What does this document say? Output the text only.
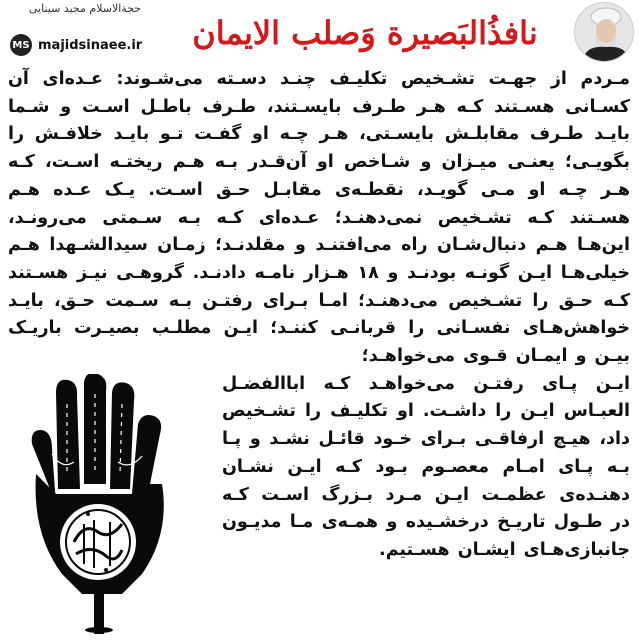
حجةالاسلام مجید سینایی
MS majidsinaee.ir	نافذُالبَصیرة وَصلب الایمان

مـردم از جهـت تشـخیص تکلیـف چنـد دسـته می‌شـوند: عـده‌ای آن کسـانی هسـتند کـه هـر طـرف بایسـتند، طـرف باطـل اسـت و شـما بایـد طـرف مقابلـش بایسـتی، هـر چـه او گفـت تـو بایـد خلافـش را بگویـی؛ یعنـی میـزان و شـاخص او آن‌قـدر بـه هـم ریختـه اسـت، کـه هـر چـه او مـی گویـد، نقطـه‌ی مقابـل حـق اسـت. یـک عـده هـم هسـتند کـه تشـخیص نمی‌دهنـد؛ عـده‌ای کـه بـه سـمتی می‌رونـد، این‌هـا هـم دنبال‌شـان راه می‌افتنـد و مقلدنـد؛ زمـان سیدالشـهدا هـم خیلی‌هـا ایـن گونـه بودنـد و ۱۸ هـزار نامـه دادنـد. گروهـی نیـز هسـتند کـه حـق را تشـخیص می‌دهنـد؛ امـا بـرای رفتـن بـه سـمت حـق، بایـد خواهش‌هـای نفسـانی را قربانـی کننـد؛ ایـن مطلـب بصیـرت باریـک بیـن و ایمـان قـوی می‌خواهـد؛

ایـن پـای رفتـن می‌خواهـد کـه اباالفضـل العبـاس ایـن را داشـت. او تکلیـف را تشـخیص داد، هیـچ ارفاقـی بـرای خـود قائـل نشـد و پـا بـه پـای امـام معصـوم بـود کـه ایـن نشـان دهنـده‌ی عظمـت ایـن مـرد بـزرگ اسـت کـه در طـول تاریـخ درخشـیده و همـه‌ی مـا مدیـون جانبازی‌هـای ایشـان هسـتیم.
